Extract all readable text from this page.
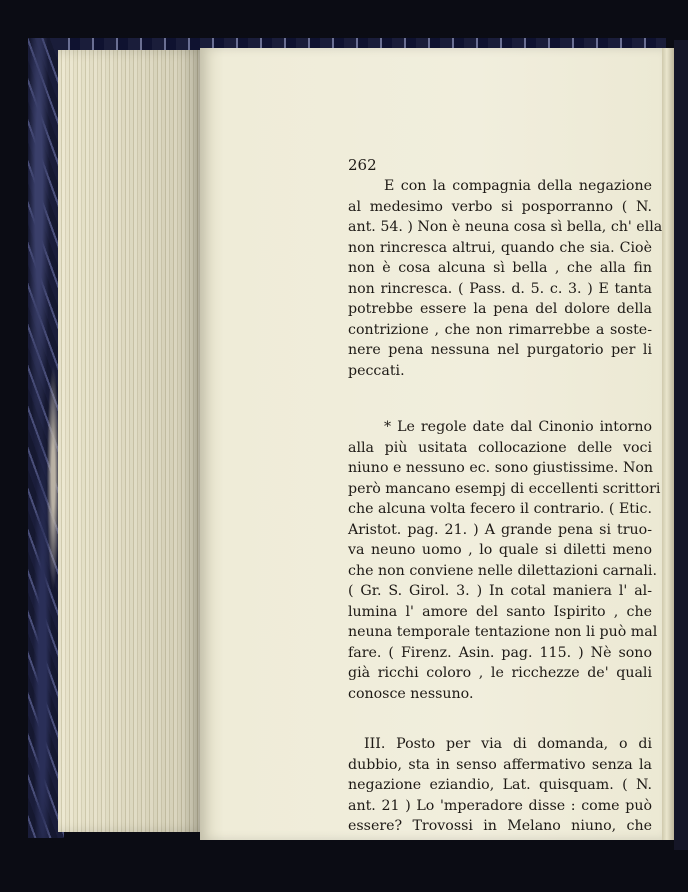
262
E con la compagnia della negazione
al medesimo verbo si posporranno ( N.
ant. 54. ) Non è neuna cosa sì bella, ch' ella
non rincresca altrui, quando che sia. Cioè
non è cosa alcuna sì bella , che alla fin
non rincresca. ( Pass. d. 5. c. 3. ) E tanta
potrebbe essere la pena del dolore della
contrizione , che non rimarrebbe a soste-
nere pena nessuna nel purgatorio per li
peccati.
* Le regole date dal Cinonio intorno
alla più usitata collocazione delle voci
niuno e nessuno ec. sono giustissime. Non
però mancano esempj di eccellenti scrittori
che alcuna volta fecero il contrario. ( Etic.
Aristot. pag. 21. ) A grande pena si truo-
va neuno uomo , lo quale si diletti meno
che non conviene nelle dilettazioni carnali.
( Gr. S. Girol. 3. ) In cotal maniera l' al-
lumina l' amore del santo Ispirito , che
neuna temporale tentazione non li può mal
fare. ( Firenz. Asin. pag. 115. ) Nè sono
già ricchi coloro , le ricchezze de' quali
conosce nessuno.
III. Posto per via di domanda, o di
dubbio, sta in senso affermativo senza la
negazione eziandio, Lat. quisquam. ( N.
ant. 21 ) Lo 'mperadore disse : come può
essere? Trovossi in Melano niuno, che
